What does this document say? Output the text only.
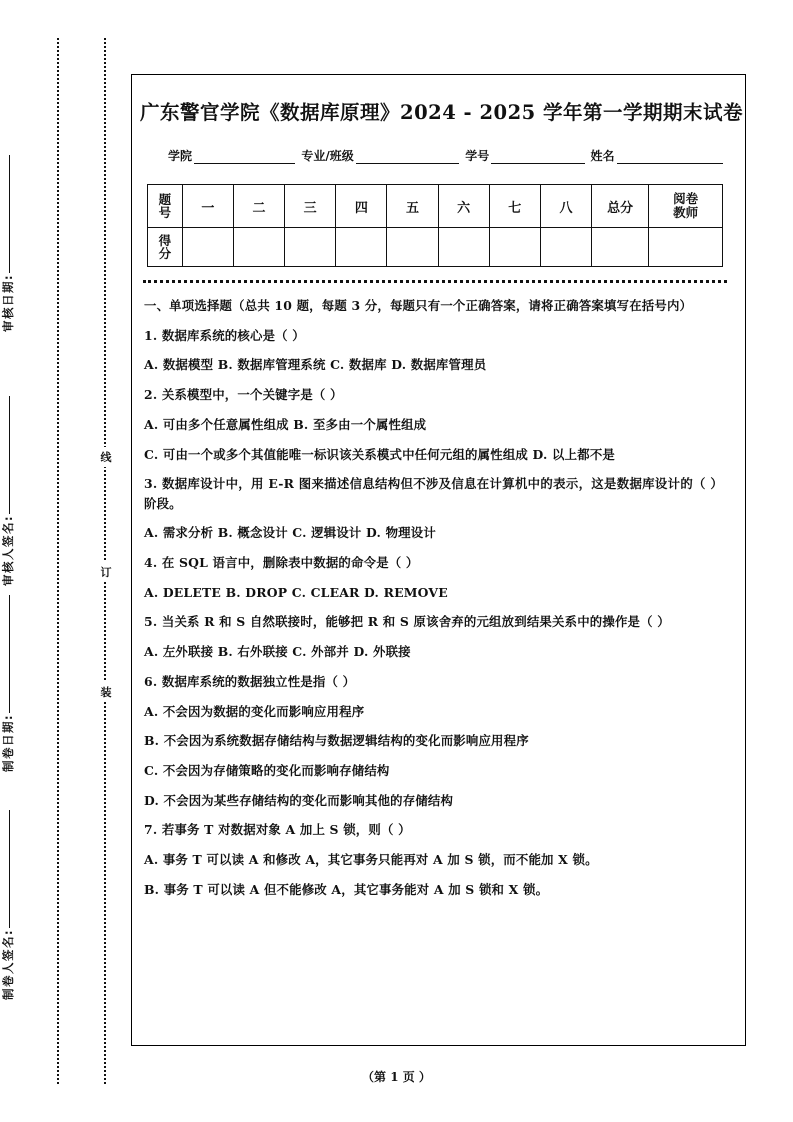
审核日期:
审核人签名:
制卷日期:
制卷人签名:
线
订
装
广东警官学院《数据库原理》2024 - 2025 学年第一学期期末试卷
学院	专业/班级	学号	姓名
题
号	一	二	三	四	五	六	七	八	总分	阅卷
教师

得
分										

一、单项选择题（总共 10 题，每题 3 分，每题只有一个正确答案，请将正确答案填写在括号内）

1. 数据库系统的核心是（ ）

A. 数据模型 B. 数据库管理系统 C. 数据库 D. 数据库管理员

2. 关系模型中，一个关键字是（ ）

A. 可由多个任意属性组成 B. 至多由一个属性组成

C. 可由一个或多个其值能唯一标识该关系模式中任何元组的属性组成 D. 以上都不是

3. 数据库设计中，用 E-R 图来描述信息结构但不涉及信息在计算机中的表示，这是数据库设计的（ ）阶段。

A. 需求分析 B. 概念设计 C. 逻辑设计 D. 物理设计

4. 在 SQL 语言中，删除表中数据的命令是（ ）

A. DELETE B. DROP C. CLEAR D. REMOVE

5. 当关系 R 和 S 自然联接时，能够把 R 和 S 原该舍弃的元组放到结果关系中的操作是（ ）

A. 左外联接 B. 右外联接 C. 外部并 D. 外联接

6. 数据库系统的数据独立性是指（ ）

A. 不会因为数据的变化而影响应用程序

B. 不会因为系统数据存储结构与数据逻辑结构的变化而影响应用程序

C. 不会因为存储策略的变化而影响存储结构

D. 不会因为某些存储结构的变化而影响其他的存储结构

7. 若事务 T 对数据对象 A 加上 S 锁，则（ ）

A. 事务 T 可以读 A 和修改 A，其它事务只能再对 A 加 S 锁，而不能加 X 锁。

B. 事务 T 可以读 A 但不能修改 A，其它事务能对 A 加 S 锁和 X 锁。

（第 1 页 ）
